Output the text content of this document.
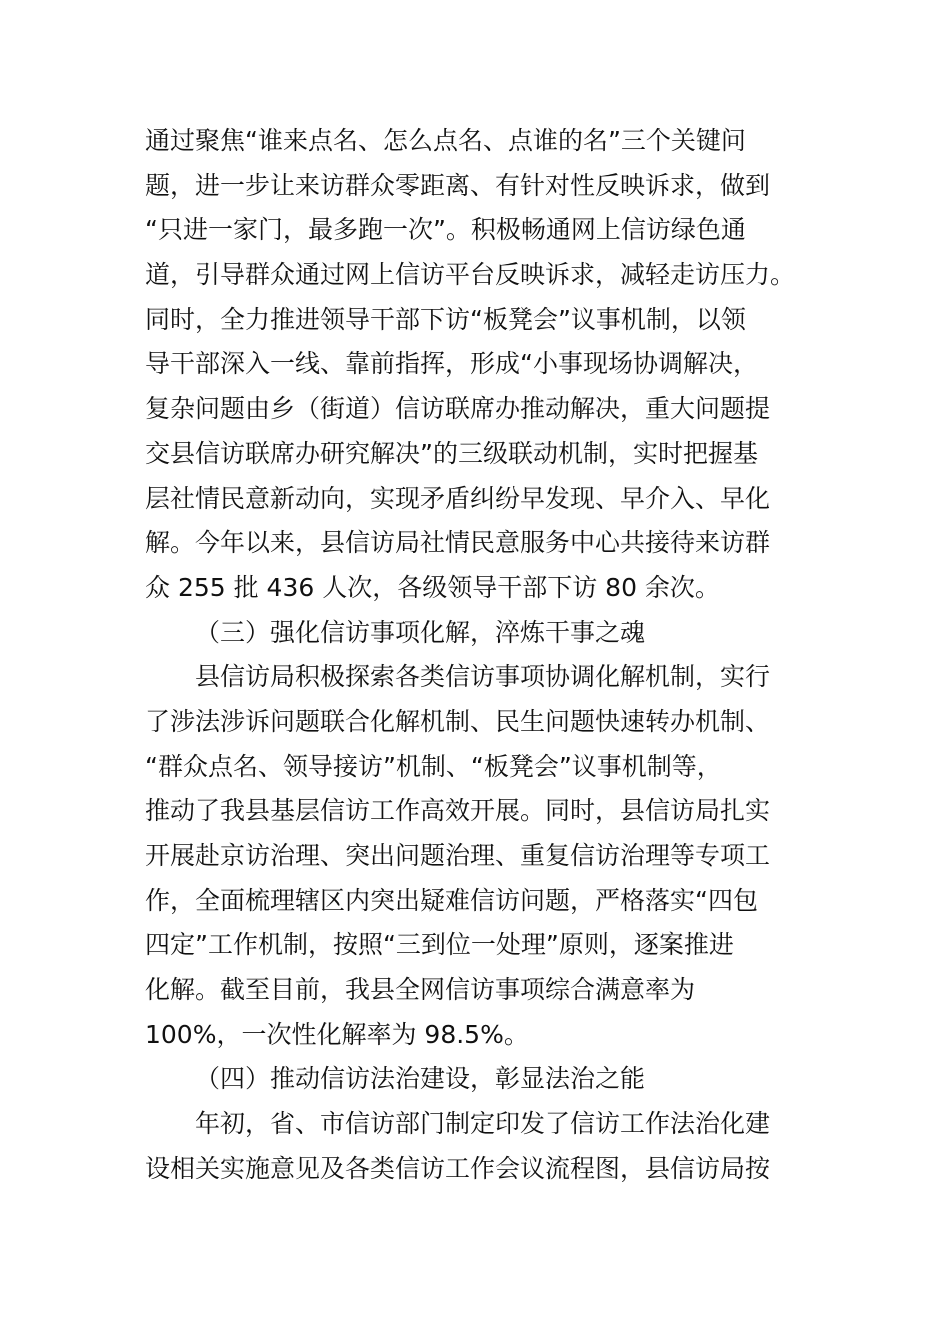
通过聚焦“谁来点名、怎么点名、点谁的名”三个关键问
题，进一步让来访群众零距离、有针对性反映诉求，做到
“只进一家门，最多跑一次”。积极畅通网上信访绿色通
道，引导群众通过网上信访平台反映诉求，减轻走访压力。
同时，全力推进领导干部下访“板凳会”议事机制，以领
导干部深入一线、靠前指挥，形成“小事现场协调解决，
复杂问题由乡（街道）信访联席办推动解决，重大问题提
交县信访联席办研究解决”的三级联动机制，实时把握基
层社情民意新动向，实现矛盾纠纷早发现、早介入、早化
解。今年以来，县信访局社情民意服务中心共接待来访群
众 255 批 436 人次，各级领导干部下访 80 余次。
（三）强化信访事项化解，淬炼干事之魂
县信访局积极探索各类信访事项协调化解机制，实行
了涉法涉诉问题联合化解机制、民生问题快速转办机制、
“群众点名、领导接访”机制、“板凳会”议事机制等，
推动了我县基层信访工作高效开展。同时，县信访局扎实
开展赴京访治理、突出问题治理、重复信访治理等专项工
作，全面梳理辖区内突出疑难信访问题，严格落实“四包
四定”工作机制，按照“三到位一处理”原则，逐案推进
化解。截至目前，我县全网信访事项综合满意率为
100%，一次性化解率为 98.5%。
（四）推动信访法治建设，彰显法治之能
年初，省、市信访部门制定印发了信访工作法治化建
设相关实施意见及各类信访工作会议流程图，县信访局按
